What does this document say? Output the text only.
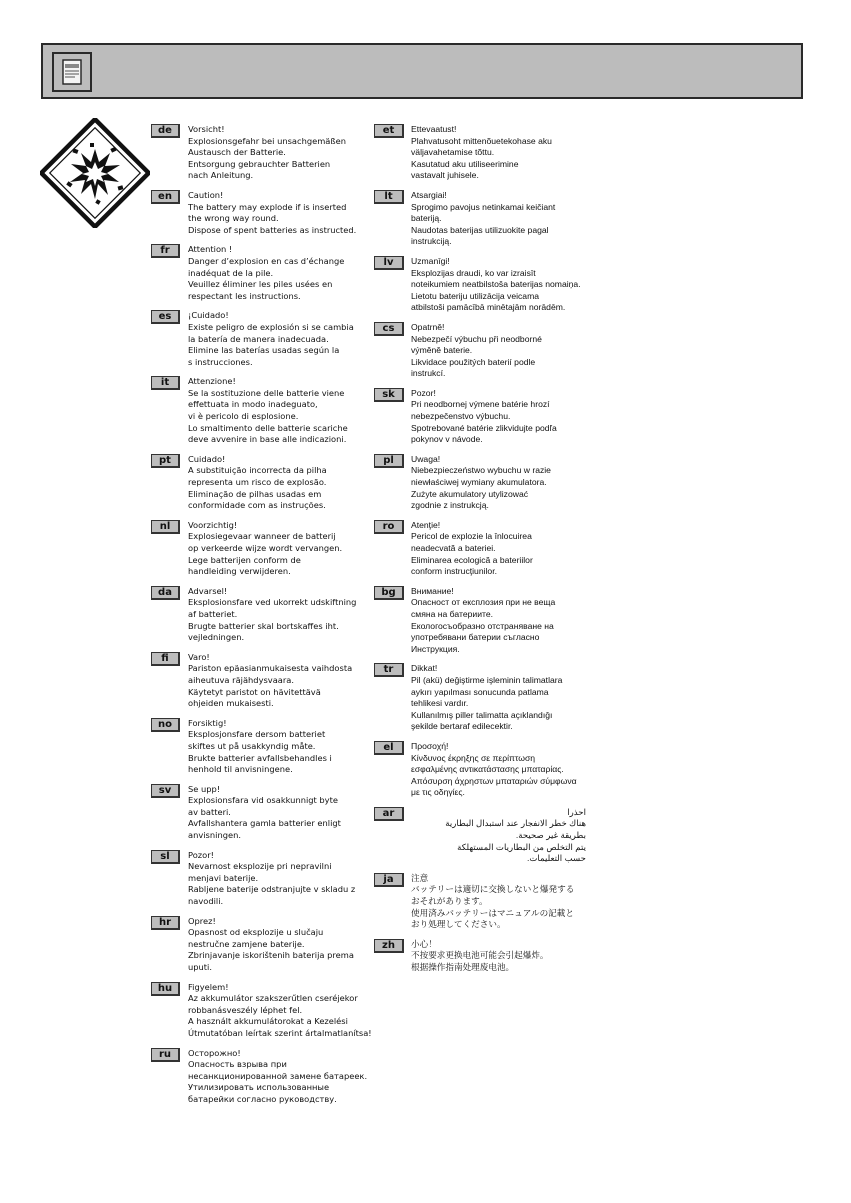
de	Vorsicht!
Explosionsgefahr bei unsachgemäßen
Austausch der Batterie.
Entsorgung gebrauchter Batterien
nach Anleitung.
en	Caution!
The battery may explode if is inserted
the wrong way round.
Dispose of spent batteries as instructed.
fr	Attention !
Danger d’explosion en cas d’échange
inadéquat de la pile.
Veuillez éliminer les piles usées en
respectant les instructions.
es	¡Cuidado!
Existe peligro de explosión si se cambia
la batería de manera inadecuada.
Elimine las baterías usadas según la
s instrucciones.
it	Attenzione!
Se la sostituzione delle batterie viene
effettuata in modo inadeguato,
vi è pericolo di esplosione.
Lo smaltimento delle batterie scariche
deve avvenire in base alle indicazioni.
pt	Cuidado!
A substituição incorrecta da pilha
representa um risco de explosão.
Eliminação de pilhas usadas em
conformidade com as instruções.
nl	Voorzichtig!
Explosiegevaar wanneer de batterij
op verkeerde wijze wordt vervangen.
Lege batterijen conform de
handleiding verwijderen.
da	Advarsel!
Eksplosionsfare ved ukorrekt udskiftning
af batteriet.
Brugte batterier skal bortskaffes iht.
vejledningen.
fi	Varo!
Pariston epäasianmukaisesta vaihdosta
aiheutuva räjähdysvaara.
Käytetyt paristot on hävitettävä
ohjeiden mukaisesti.
no	Forsiktig!
Eksplosjonsfare dersom batteriet
skiftes ut på usakkyndig måte.
Brukte batterier avfallsbehandles i
henhold til anvisningene.
sv	Se upp!
Explosionsfara vid osakkunnigt byte
av batteri.
Avfallshantera gamla batterier enligt
anvisningen.
sl	Pozor!
Nevarnost eksplozije pri nepravilni
menjavi baterije.
Rabljene baterije odstranjujte v skladu z
navodili.
hr	Oprez!
Opasnost od eksplozije u slučaju
nestručne zamjene baterije.
Zbrinjavanje iskorištenih baterija prema
uputi.
hu	Figyelem!
Az akkumulátor szakszerűtlen cseréjekor
robbanásveszély léphet fel.
A használt akkumulátorokat a Kezelési
Útmutatóban leírtak szerint ártalmatlanítsa!
ru	Осторожно!
Опасность взрыва при
несанкционированной замене батареек.
Утилизировать использованные
батарейки согласно руководству.
et	Ettevaatust!
Plahvatusoht mittenõuetekohase aku
väljavahetamise tõttu.
Kasutatud aku utiliseerimine
vastavalt juhisele.
lt	Atsargiai!
Sprogimo pavojus netinkamai keičiant
bateriją.
Naudotas baterijas utilizuokite pagal
instrukciją.
lv	Uzmanīgi!
Eksplozijas draudi, ko var izraisīt
noteikumiem neatbilstoša baterijas nomaiņa.
Lietotu bateriju utilizācija veicama
atbilstoši pamācībā minētajām norādēm.
cs	Opatrně!
Nebezpečí výbuchu při neodborné
výměně baterie.
Likvidace použitých baterií podle
instrukcí.
sk	Pozor!
Pri neodbornej výmene batérie hrozí
nebezpečenstvo výbuchu.
Spotrebované batérie zlikvidujte podľa
pokynov v návode.
pl	Uwaga!
Niebezpieczeństwo wybuchu w razie
niewłaściwej wymiany akumulatora.
Zużyte akumulatory utylizować
zgodnie z instrukcją.
ro	Atenţie!
Pericol de explozie la înlocuirea
neadecvată a bateriei.
Eliminarea ecologică a bateriilor
conform instrucţiunilor.
bg	Внимание!
Опасност от експлозия при не веща
смяна на батериите.
Екологосъобразно отстраняване на
употребявани батерии съгласно
Инструкция.
tr	Dikkat!
Pil (akü) değiştirme işleminin talimatlara
aykırı yapılması sonucunda patlama
tehlikesi vardır.
Kullanılmış piller talimatta açıklandığı
şekilde bertaraf edilecektir.
el	Προσοχή!
Κίνδυνος έκρηξης σε περίπτωση
εσφαλμένης αντικατάστασης μπαταρίας.
Απόσυρση άχρηστων μπαταριών σύμφωνα
με τις οδηγίες.
ar	احذرا
هناك خطر الانفجار عند استبدال البطارية
بطريقة غير صحيحة.
يتم التخلص من البطاريات المستهلكة
حسب التعليمات.
ja	注意
バッテリーは適切に交換しないと爆発する
おそれがあります。
使用済みバッテリーはマニュアルの記載と
おり処理してください。
zh	小心！
不按要求更换电池可能会引起爆炸。
根据操作指南处理废电池。
